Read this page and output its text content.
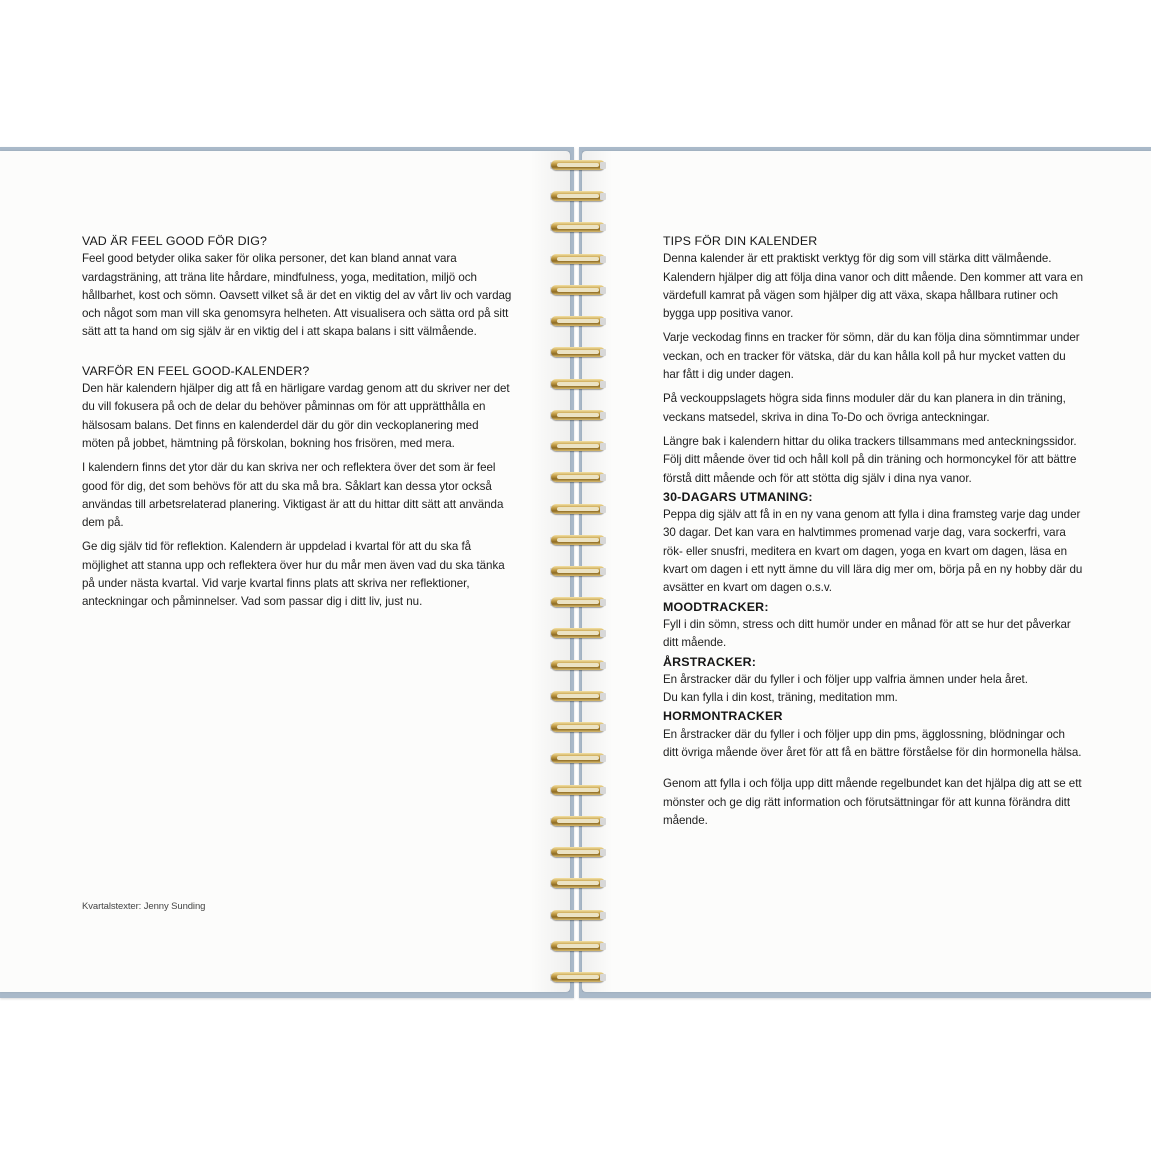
VAD ÄR FEEL GOOD FÖR DIG?

Feel good betyder olika saker för olika personer, det kan bland annat vara vardagsträning, att träna lite hårdare, mindfulness, yoga, meditation, miljö och hållbarhet, kost och sömn. Oavsett vilket så är det en viktig del av vårt liv och vardag och något som man vill ska genomsyra helheten. Att visualisera och sätta ord på sitt sätt att ta hand om sig själv är en viktig del i att skapa balans i sitt välmående.

VARFÖR EN FEEL GOOD-KALENDER?

Den här kalendern hjälper dig att få en härligare vardag genom att du skriver ner det du vill fokusera på och de delar du behöver påminnas om för att upprätthålla en hälsosam balans. Det finns en kalenderdel där du gör din veckoplanering med möten på jobbet, hämtning på förskolan, bokning hos frisören, med mera.

I kalendern finns det ytor där du kan skriva ner och reflektera över det som är feel good för dig, det som behövs för att du ska må bra. Såklart kan dessa ytor också användas till arbetsrelaterad planering. Viktigast är att du hittar ditt sätt att använda dem på.

Ge dig själv tid för reflektion. Kalendern är uppdelad i kvartal för att du ska få möjlighet att stanna upp och reflektera över hur du mår men även vad du ska tänka på under nästa kvartal. Vid varje kvartal finns plats att skriva ner reflektioner, anteckningar och påminnelser. Vad som passar dig i ditt liv, just nu.

Kvartalstexter: Jenny Sunding
TIPS FÖR DIN KALENDER

Denna kalender är ett praktiskt verktyg för dig som vill stärka ditt välmående. Kalendern hjälper dig att följa dina vanor och ditt mående. Den kommer att vara en värdefull kamrat på vägen som hjälper dig att växa, skapa hållbara rutiner och bygga upp positiva vanor.

Varje veckodag finns en tracker för sömn, där du kan följa dina sömntimmar under veckan, och en tracker för vätska, där du kan hålla koll på hur mycket vatten du har fått i dig under dagen.

På veckouppslagets högra sida finns moduler där du kan planera in din träning, veckans matsedel, skriva in dina To-Do och övriga anteckningar.

Längre bak i kalendern hittar du olika trackers tillsammans med anteckningssidor. Följ ditt mående över tid och håll koll på din träning och hormoncykel för att bättre förstå ditt mående och för att stötta dig själv i dina nya vanor.

30-DAGARS UTMANING:

Peppa dig själv att få in en ny vana genom att fylla i dina framsteg varje dag under 30 dagar. Det kan vara en halvtimmes promenad varje dag, vara sockerfri, vara rök- eller snusfri, meditera en kvart om dagen, yoga en kvart om dagen, läsa en kvart om dagen i ett nytt ämne du vill lära dig mer om, börja på en ny hobby där du avsätter en kvart om dagen o.s.v.

MOODTRACKER:

Fyll i din sömn, stress och ditt humör under en månad för att se hur det påverkar ditt mående.

ÅRSTRACKER:

En årstracker där du fyller i och följer upp valfria ämnen under hela året.

Du kan fylla i din kost, träning, meditation mm.

HORMONTRACKER

En årstracker där du fyller i och följer upp din pms, ägglossning, blödningar och ditt övriga mående över året för att få en bättre förståelse för din hormonella hälsa.

Genom att fylla i och följa upp ditt mående regelbundet kan det hjälpa dig att se ett mönster och ge dig rätt information och förutsättningar för att kunna förändra ditt mående.
